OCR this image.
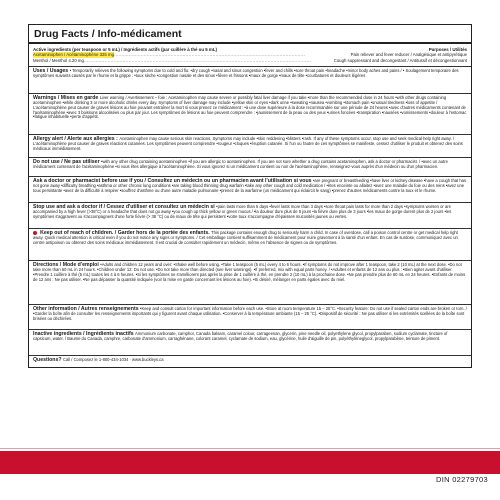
Drug Facts / Info-médicament
Active ingredients (per teaspoon or 5 mL) / Ingrédients actifs (par cuillère à thé ou 5 mL)	Purposes / Utilités
Acetaminophen / Acétaminophène 325 mg ................................................................................................................................	Pain reliever and fever reducer / Analgésique et antipyrétique
Menthol / Menthol 4.20 mg ........................................................................................................................................................	Cough suppressant and decongestant / Antitussif et décongestionnant
Uses / Usages • Temporarily relieves the following symptoms due to cold and flu: •dry cough •nasal and sinus congestion •fever and chills •sore throat pain •headache •minor body aches and pains / • Soulagement temporaire des symptômes suivants causés par le rhume et la grippe : •toux sèche •congestion nasale et des sinus •fièvre et frissons •maux de gorge •maux de tête •courbatures et douleurs légères
Warnings / Mises en garde Liver warning / Avertissement – foie : Acetaminophen may cause severe or possibly fatal liver damage if you take •more than the recommended dose in 24 hours •with other drugs containing acetaminophen •while drinking 3 or more alcoholic drinks every day. Symptoms of liver damage may include •yellow skin or eyes •dark urine •sweating •nausea •vomiting •stomach pain •unusual tiredness •loss of appetite / L'acétaminophène peut causer de graves lésions au foie pouvant entraîner la mort si vous prenez ce médicament : •à une dose supérieure à la dose recommandée sur une période de 24 heures •avec d'autres médicaments contenant de l'acétaminophène •avec 3 boissons alcoolisées ou plus par jour. Les symptômes de lésions au foie peuvent comprendre : •jaunissement de la peau ou des yeux •urines foncées •transpiration •nausées •vomissements •douleur à l'estomac •fatigue inhabituelle •perte d'appétit.
Allergy alert / Alerte aux allergies : Acetaminophen may cause serious skin reactions. Symptoms may include •skin reddening •blisters •rash. If any of these symptoms occur, stop use and seek medical help right away. / L'acétaminophène peut causer de graves réactions cutanées. Les symptômes peuvent comprendre •rougeur •cloques •éruption cutanée. Si l'un ou l'autre de ces symptômes se manifeste, cessez d'utiliser le produit et obtenez des soins médicaux immédiatement.
Do not use / Ne pas utiliser •with any other drug containing acetaminophen •if you are allergic to acetaminophen. If you are not sure whether a drug contains acetaminophen, ask a doctor or pharmacist. / •avec un autre médicament contenant de l'acétaminophène •si vous êtes allergique à l'acétaminophène. Si vous ignorez si un médicament contient ou non de l'acétaminophène, renseignez-vous auprès d'un médecin ou d'un pharmacien.
Ask a doctor or pharmacist before use if you / Consultez un médecin ou un pharmacien avant l'utilisation si vous •are pregnant or breastfeeding •have liver or kidney disease •have a cough that has not gone away •difficulty breathing •asthma or other chronic lung conditions •are taking blood thinning drug warfarin •take any other cough and cold medication / •êtes enceinte ou allaitez •avez une maladie du foie ou des reins •avez une toux persistante •avez de la difficulté à respirer •souffrez d'asthme ou d'une autre maladie pulmonaire •prenez de la warfarine (un médicament qui éclaircit le sang) •prenez d'autres médicaments contre la toux et le rhume.
Stop use and ask a doctor if / Cessez d'utiliser et consultez un médecin si •pain lasts more than 5 days •fever lasts more than 3 days •sore throat pain lasts for more than 2 days •symptoms worsen or are accompanied by a high fever (>38°C) or a headache that does not go away •you cough up thick yellow or green mucus / •la douleur dure plus de 5 jours •la fièvre dure plus de 3 jours •les maux de gorge durent plus de 2 jours •les symptômes s'aggravent ou s'accompagnent d'une forte fièvre (> 38 °C) ou de maux de tête qui persistent •votre toux s'accompagne d'épaisses mucosités jaunes ou vertes.
Keep out of reach of children. / Garder hors de la portée des enfants. This package contains enough drug to seriously harm a child. In case of overdose, call a poison control centre or get medical help right away. Quick medical attention is critical even if you do not notice any signs or symptoms. / Cet emballage contient suffisamment de médicament pour nuire gravement à la santé d'un enfant. En cas de surdose, communiquez avec un centre antipoison ou obtenez des soins médicaux immédiatement. Il est crucial de consulter rapidement un médecin, même en l'absence de signes ou de symptômes.
Directions / Mode d'emploi •Adults and children 12 years and over: •Shake well before using. •Take 1 teaspoon (5 mL) every 4 to 6 hours. •If symptoms do not improve after 1 teaspoon, take 2 (10 mL) at the next dose. •Do not take more than 60 mL in 24 hours. •Children under 12: Do not use. •Do not take more than directed (see liver warnings). •If preferred, mix with equal parts honey. / •Adultes et enfants de 12 ans ou plus : •Bien agiter avant d'utiliser. •Prendre 1 cuillère à thé (5 mL) toutes les 4 à 6 heures. •Si les symptômes ne s'améliorent pas après la prise de 1 cuillère à thé, en prendre 2 (10 mL) à la prochaine dose. •Ne pas prendre plus de 60 mL en 24 heures. •Enfants de moins de 12 ans : Ne pas utiliser. •Ne pas dépasser la quantité indiquée (voir la mise en garde concernant les lésions au foie). •Si désiré, mélanger en parts égales avec du miel.
Other information / Autres renseignements •Keep and consult carton for important information before each use. •Store at room temperature 15 – 25°C. •Security feature: Do not use if sealed carton ends are broken or torn. / •Garder la boîte afin de consulter les renseignements importants qui y figurent avant chaque utilisation. •Conserver à la température ambiante (15 – 25 °C). •Dispositif de sécurité : Ne pas utiliser si les extrémités scellées de la boîte sont brisées ou déchirées.
Inactive ingredients / Ingrédients inactifs Ammonium carbonate, camphor, Canada balsam, caramel colour, carrageenan, glycerin, pine needle oil, polyethylene glycol, propylparaben, sodium cyclamate, tincture of capsicum, water. / Baume du Canada, camphre, carbonate d'ammonium, carraghénane, colorant caramel, cyclamate de sodium, eau, glycérine, huile d'aiguille de pin, polyéthylèneglycol, propylparabène, teinture de piment.
Questions? Call / Composez le 1-800-434-1034 · www.buckleys.ca
DIN 02279703
